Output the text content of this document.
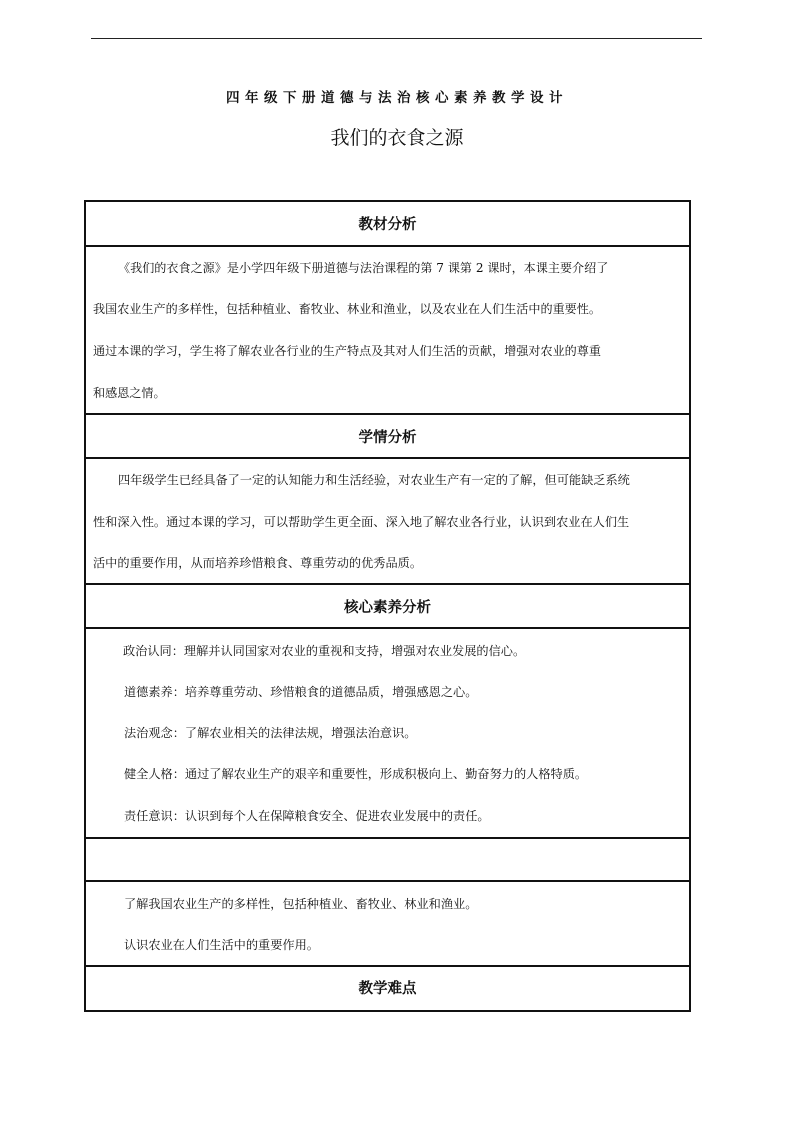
四年级下册道德与法治核心素养教学设计
我们的衣食之源
教材分析

《我们的衣食之源》是小学四年级下册道德与法治课程的第 7 课第 2 课时，本课主要介绍了

我国农业生产的多样性，包括种植业、畜牧业、林业和渔业，以及农业在人们生活中的重要性。

通过本课的学习，学生将了解农业各行业的生产特点及其对人们生活的贡献，增强对农业的尊重

和感恩之情。

学情分析

四年级学生已经具备了一定的认知能力和生活经验，对农业生产有一定的了解，但可能缺乏系统

性和深入性。通过本课的学习，可以帮助学生更全面、深入地了解农业各行业，认识到农业在人们生

活中的重要作用，从而培养珍惜粮食、尊重劳动的优秀品质。

核心素养分析

政治认同：理解并认同国家对农业的重视和支持，增强对农业发展的信心。

道德素养：培养尊重劳动、珍惜粮食的道德品质，增强感恩之心。

法治观念：了解农业相关的法律法规，增强法治意识。

健全人格：通过了解农业生产的艰辛和重要性，形成积极向上、勤奋努力的人格特质。

责任意识：认识到每个人在保障粮食安全、促进农业发展中的责任。

了解我国农业生产的多样性，包括种植业、畜牧业、林业和渔业。

认识农业在人们生活中的重要作用。

教学难点
